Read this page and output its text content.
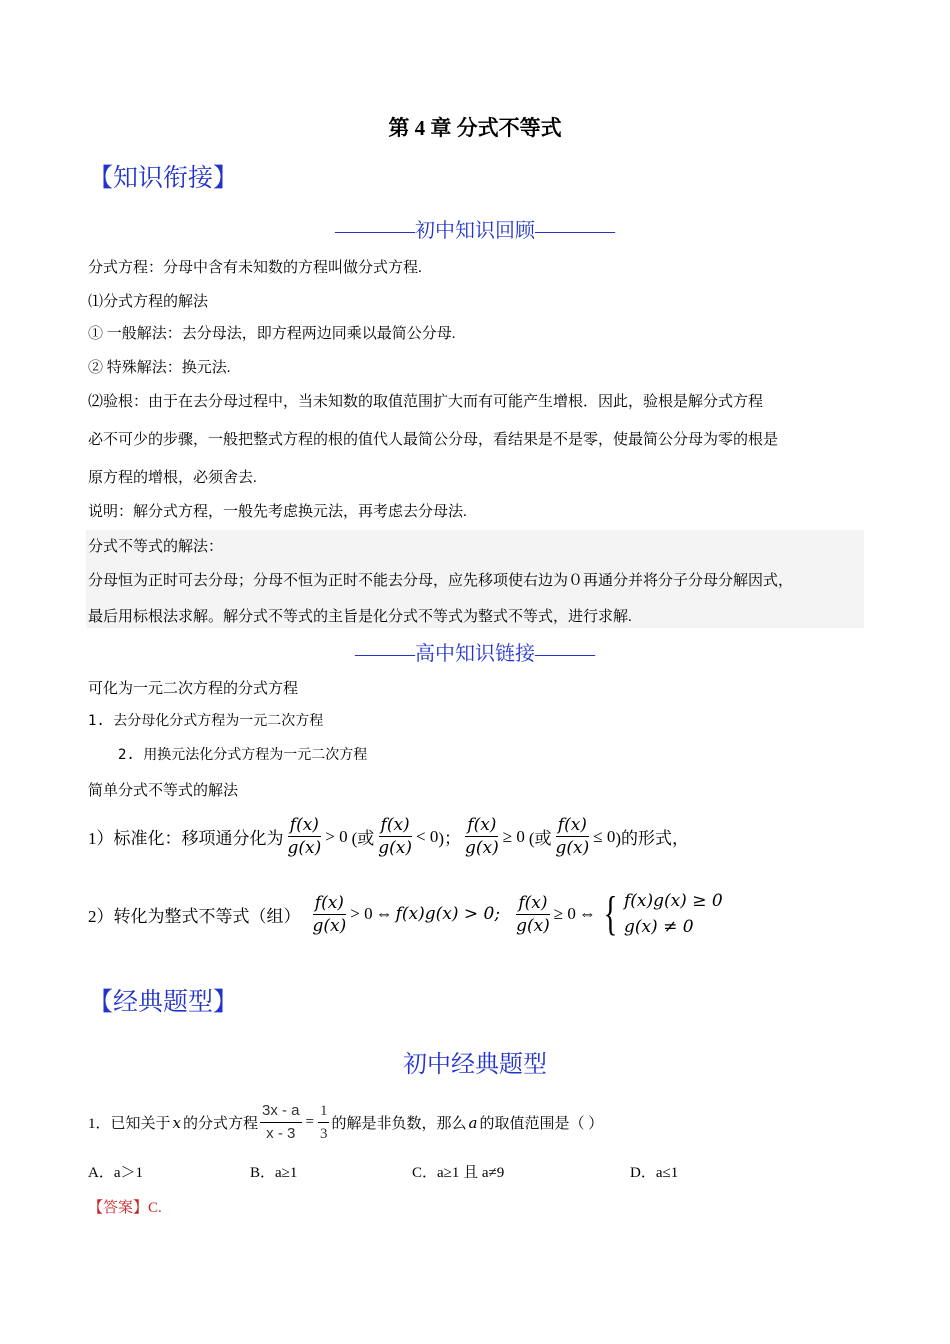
第 4 章 分式不等式
【知识衔接】
————初中知识回顾————
分式方程：分母中含有未知数的方程叫做分式方程.
⑴分式方程的解法
① 一般解法：去分母法，即方程两边同乘以最简公分母.
② 特殊解法：换元法.
⑵验根：由于在去分母过程中，当未知数的取值范围扩大而有可能产生增根．因此，验根是解分式方程
必不可少的步骤，一般把整式方程的根的值代人最简公分母，看结果是不是零，使最简公分母为零的根是
原方程的增根，必须舍去.
说明：解分式方程，一般先考虑换元法，再考虑去分母法.
分式不等式的解法：
分母恒为正时可去分母；分母不恒为正时不能去分母，应先移项使右边为０再通分并将分子分母分解因式，
最后用标根法求解。解分式不等式的主旨是化分式不等式为整式不等式，进行求解.
———高中知识链接———
可化为一元二次方程的分式方程
1. 去分母化分式方程为一元二次方程
2. 用换元法化分式方程为一元二次方程
简单分式不等式的解法
1）标准化：移项通分化为 $\frac{f(x)}{g(x)} > 0$ (或 $\frac{f(x)}{g(x)} < 0$ )； $\frac{f(x)}{g(x)} \ge 0$ (或 $\frac{f(x)}{g(x)} \le 0$ )的形式，
2）转化为整式不等式（组） $\frac{f(x)}{g(x)} > 0$ ⇔ f(x)g(x) > 0; $\frac{f(x)}{g(x)} \ge 0$ ⇔ { f(x)g(x) ≥ 0
g(x) ≠ 0
【经典题型】
初中经典题型
1．已知关于 x 的分式方程 $\frac{3x - a}{x - 3} = \frac{1}{3}$ 的解是非负数，那么 a 的取值范围是（ ）
A．a＞1	B．a≥1	C．a≥1 且 a≠9	D．a≤1
【答案】C.
